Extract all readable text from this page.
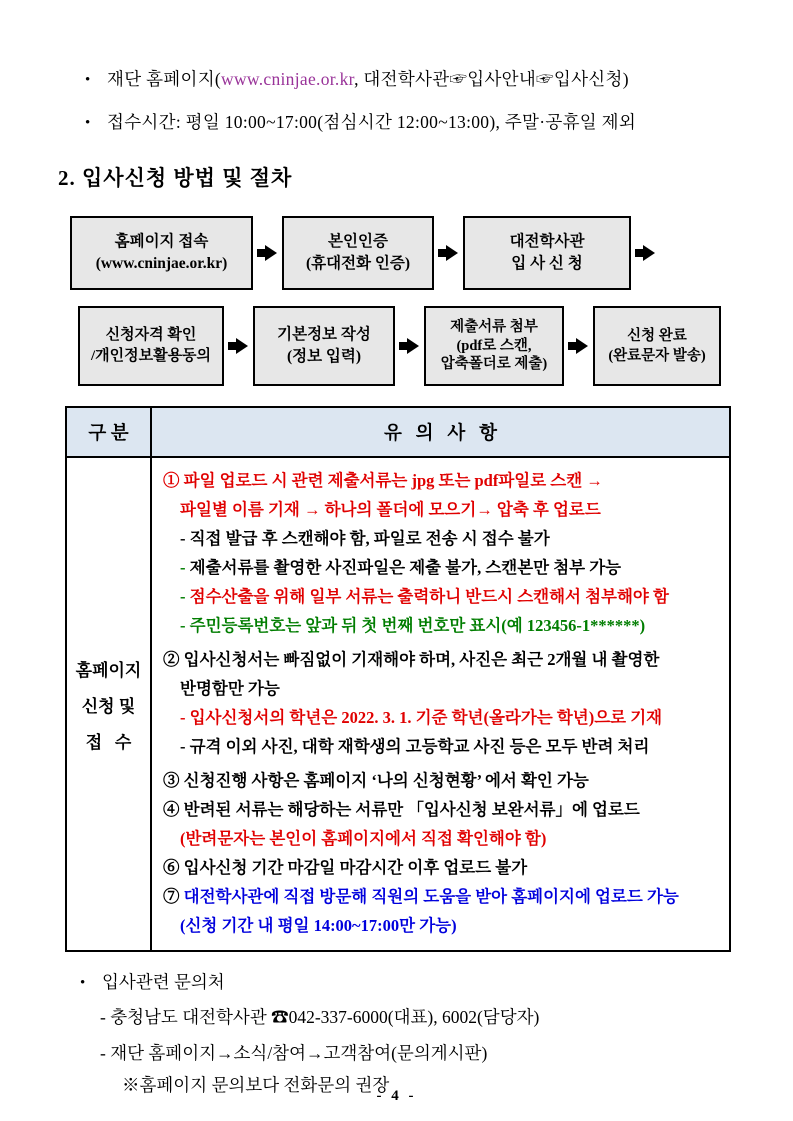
• 재단 홈페이지(www.cninjae.or.kr, 대전학사관☞입사안내☞입사신청)
• 접수시간: 평일 10:00~17:00(점심시간 12:00~13:00), 주말·공휴일 제외
2. 입사신청 방법 및 절차
홈페이지 접속
(www.cninjae.or.kr)
본인인증
(휴대전화 인증)
대전학사관
입 사 신 청
신청자격 확인
/개인정보활용동의
기본정보 작성
(정보 입력)
제출서류 첨부
(pdf로 스캔,
압축폴더로 제출)
신청 완료
(완료문자 발송)
구 분	유   의   사   항
홈페이지
신청 및
접   수
① 파일 업로드 시 관련 제출서류는 jpg 또는 pdf파일로 스캔 →
파일별 이름 기재 → 하나의 폴더에 모으기→ 압축 후 업로드
- 직접 발급 후 스캔해야 함, 파일로 전송 시 접수 불가
- 제출서류를 촬영한 사진파일은 제출 불가, 스캔본만 첨부 가능
- 점수산출을 위해 일부 서류는 출력하니 반드시 스캔해서 첨부해야 함
- 주민등록번호는 앞과 뒤 첫 번째 번호만 표시(예 123456-1******)
② 입사신청서는 빠짐없이 기재해야 하며, 사진은 최근 2개월 내 촬영한
반명함만 가능
- 입사신청서의 학년은 2022. 3. 1. 기준 학년(올라가는 학년)으로 기재
- 규격 이외 사진, 대학 재학생의 고등학교 사진 등은 모두 반려 처리
③ 신청진행 사항은 홈페이지 ‘나의 신청현황’ 에서 확인 가능
④ 반려된 서류는 해당하는 서류만 「입사신청 보완서류」에 업로드
(반려문자는 본인이 홈페이지에서 직접 확인해야 함)
⑥ 입사신청 기간 마감일 마감시간 이후 업로드 불가
⑦ 대전학사관에 직접 방문해 직원의 도움을 받아 홈페이지에 업로드 가능
(신청 기간 내 평일 14:00~17:00만 가능)
• 입사관련 문의처
- 충청남도 대전학사관 ☎042-337-6000(대표), 6002(담당자)
- 재단 홈페이지→소식/참여→고객참여(문의게시판)
※홈페이지 문의보다 전화문의 권장
- 4 -
